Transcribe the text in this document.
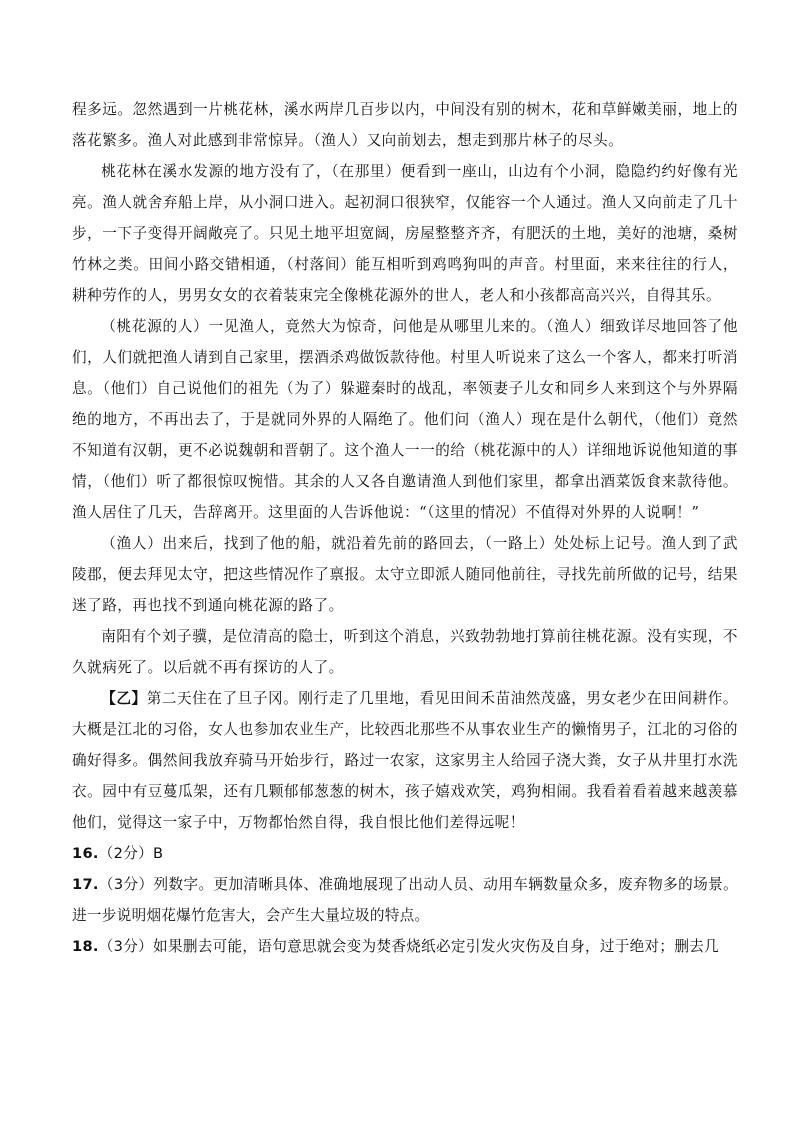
程多远。忽然遇到一片桃花林，溪水两岸几百步以内，中间没有别的树木，花和草鲜嫩美丽，地上的落花繁多。渔人对此感到非常惊异。（渔人）又向前划去，想走到那片林子的尽头。

桃花林在溪水发源的地方没有了，（在那里）便看到一座山，山边有个小洞，隐隐约约好像有光亮。渔人就舍弃船上岸，从小洞口进入。起初洞口很狭窄，仅能容一个人通过。渔人又向前走了几十步，一下子变得开阔敞亮了。只见土地平坦宽阔，房屋整整齐齐，有肥沃的土地，美好的池塘，桑树竹林之类。田间小路交错相通，（村落间）能互相听到鸡鸣狗叫的声音。村里面，来来往往的行人，耕种劳作的人，男男女女的衣着装束完全像桃花源外的世人，老人和小孩都高高兴兴，自得其乐。

（桃花源的人）一见渔人，竟然大为惊奇，问他是从哪里儿来的。（渔人）细致详尽地回答了他们，人们就把渔人请到自己家里，摆酒杀鸡做饭款待他。村里人听说来了这么一个客人，都来打听消息。（他们）自己说他们的祖先（为了）躲避秦时的战乱，率领妻子儿女和同乡人来到这个与外界隔绝的地方，不再出去了，于是就同外界的人隔绝了。他们问（渔人）现在是什么朝代，（他们）竟然不知道有汉朝，更不必说魏朝和晋朝了。这个渔人一一的给（桃花源中的人）详细地诉说他知道的事情，（他们）听了都很惊叹惋惜。其余的人又各自邀请渔人到他们家里，都拿出酒菜饭食来款待他。渔人居住了几天，告辞离开。这里面的人告诉他说：“（这里的情况）不值得对外界的人说啊！”

（渔人）出来后，找到了他的船，就沿着先前的路回去，（一路上）处处标上记号。渔人到了武陵郡，便去拜见太守，把这些情况作了禀报。太守立即派人随同他前往，寻找先前所做的记号，结果迷了路，再也找不到通向桃花源的路了。

南阳有个刘子骥，是位清高的隐士，听到这个消息，兴致勃勃地打算前往桃花源。没有实现，不久就病死了。以后就不再有探访的人了。

【乙】第二天住在了旦子冈。刚行走了几里地，看见田间禾苗油然茂盛，男女老少在田间耕作。大概是江北的习俗，女人也参加农业生产，比较西北那些不从事农业生产的懒惰男子，江北的习俗的确好得多。偶然间我放弃骑马开始步行，路过一农家，这家男主人给园子浇大粪，女子从井里打水洗衣。园中有豆蔓瓜架，还有几颗郁郁葱葱的树木，孩子嬉戏欢笑，鸡狗相闹。我看着看着越来越羡慕他们，觉得这一家子中，万物都怡然自得，我自恨比他们差得远呢！

16.（2分）B

17.（3分）列数字。更加清晰具体、准确地展现了出动人员、动用车辆数量众多，废弃物多的场景。进一步说明烟花爆竹危害大，会产生大量垃圾的特点。

18.（3分）如果删去可能，语句意思就会变为焚香烧纸必定引发火灾伤及自身，过于绝对；删去几
